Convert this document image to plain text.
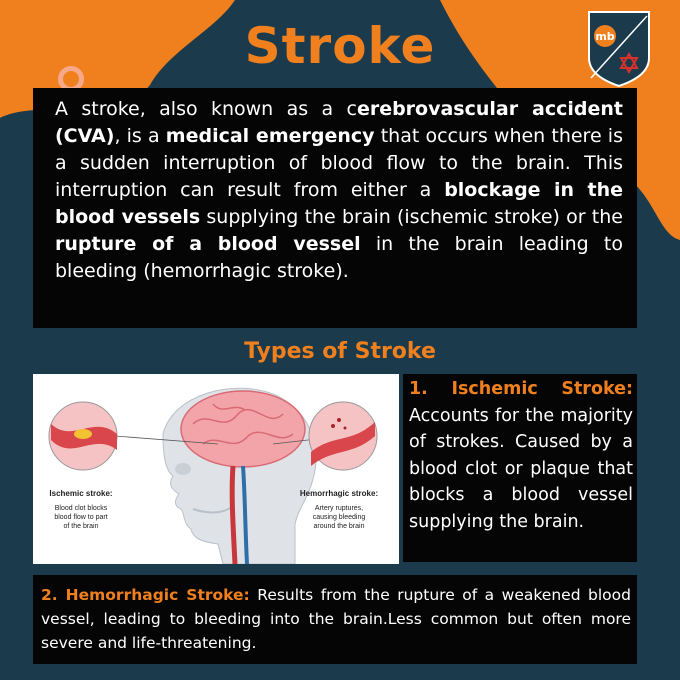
Stroke	mb
A stroke, also known as a cerebrovascular accident (CVA), is a medical emergency that occurs when there is a sudden interruption of blood flow to the brain. This interruption can result from either a blockage in the blood vessels supplying the brain (ischemic stroke) or the rupture of a blood vessel in the brain leading to bleeding (hemorrhagic stroke).
Types of Stroke
Ischemic stroke:
Blood clot blocks
blood flow to part
of the brain
Hemorrhagic stroke:
Artery ruptures,
causing bleeding
around the brain
1. Ischemic Stroke: Accounts for the majority of strokes. Caused by a blood clot or plaque that blocks a blood vessel supplying the brain.
2. Hemorrhagic Stroke: Results from the rupture of a weakened blood vessel, leading to bleeding into the brain.Less common but often more severe and life-threatening.
